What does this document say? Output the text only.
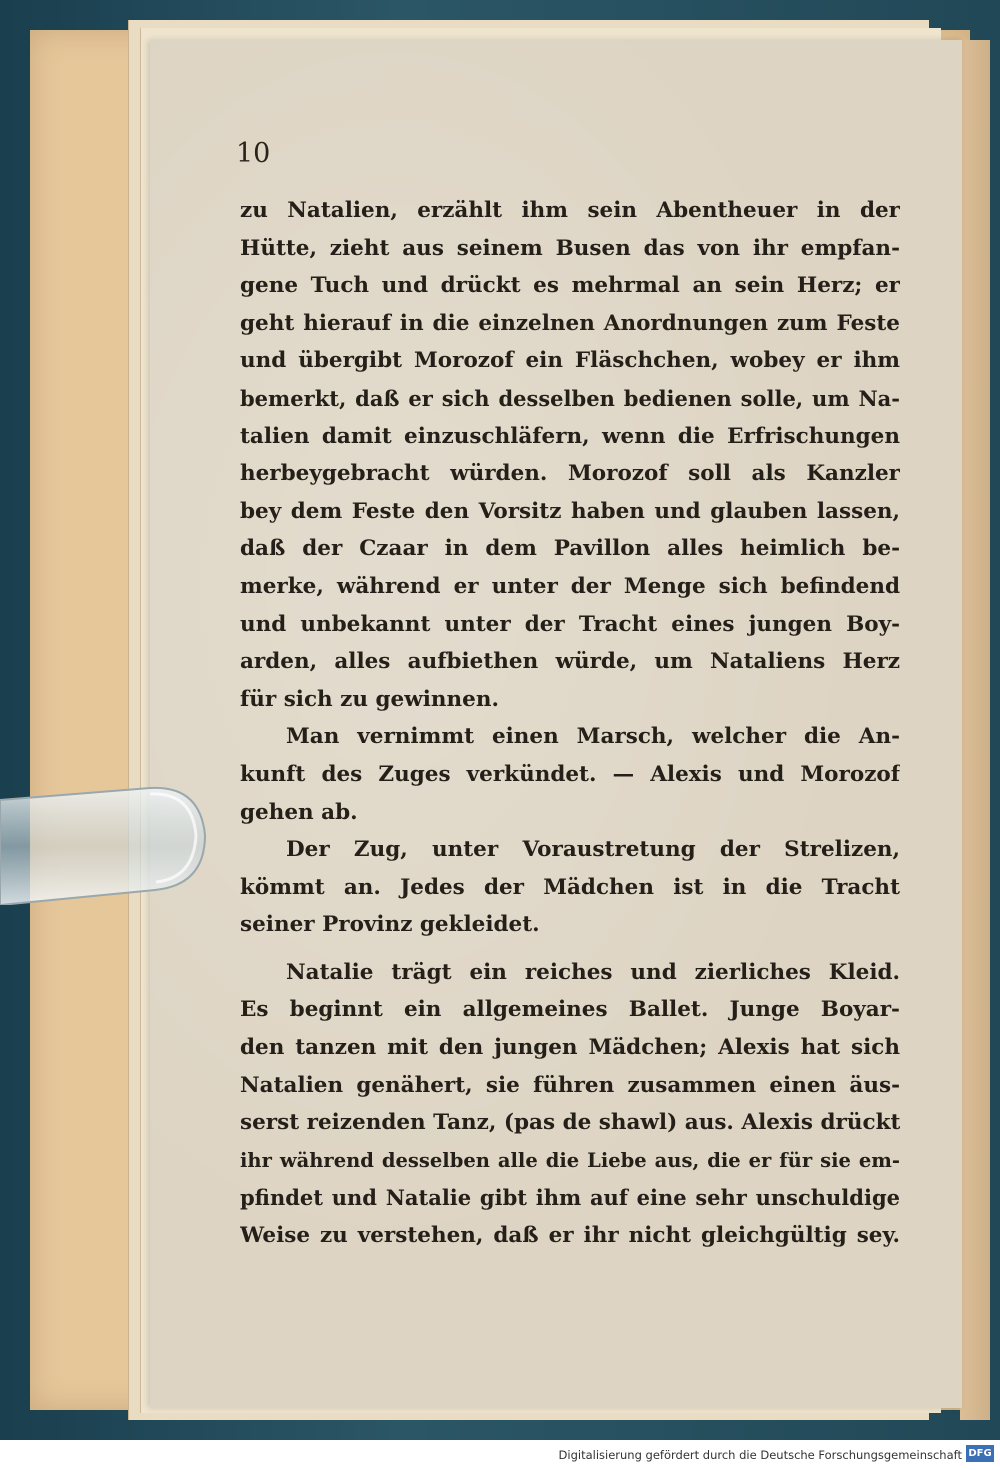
10
zu Natalien, erzählt ihm sein Abentheuer in der
Hütte, zieht aus seinem Busen das von ihr empfan-
gene Tuch und drückt es mehrmal an sein Herz; er
geht hierauf in die einzelnen Anordnungen zum Feste
und übergibt Morozof ein Fläschchen, wobey er ihm
bemerkt, daß er sich desselben bedienen solle, um Na-
talien damit einzuschläfern, wenn die Erfrischungen
herbeygebracht würden. Morozof soll als Kanzler
bey dem Feste den Vorsitz haben und glauben lassen,
daß der Czaar in dem Pavillon alles heimlich be-
merke, während er unter der Menge sich befindend
und unbekannt unter der Tracht eines jungen Boy-
arden, alles aufbiethen würde, um Nataliens Herz
für sich zu gewinnen.
Man vernimmt einen Marsch, welcher die An-
kunft des Zuges verkündet. — Alexis und Morozof
gehen ab.
Der Zug, unter Voraustretung der Strelizen,
kömmt an. Jedes der Mädchen ist in die Tracht
seiner Provinz gekleidet.
Natalie trägt ein reiches und zierliches Kleid.
Es beginnt ein allgemeines Ballet. Junge Boyar-
den tanzen mit den jungen Mädchen; Alexis hat sich
Natalien genähert, sie führen zusammen einen äus-
serst reizenden Tanz, (pas de shawl) aus. Alexis drückt
ihr während desselben alle die Liebe aus, die er für sie em-
pfindet und Natalie gibt ihm auf eine sehr unschuldige
Weise zu verstehen, daß er ihr nicht gleichgültig sey.
Digitalisierung gefördert durch die Deutsche Forschungsgemeinschaft DFG
